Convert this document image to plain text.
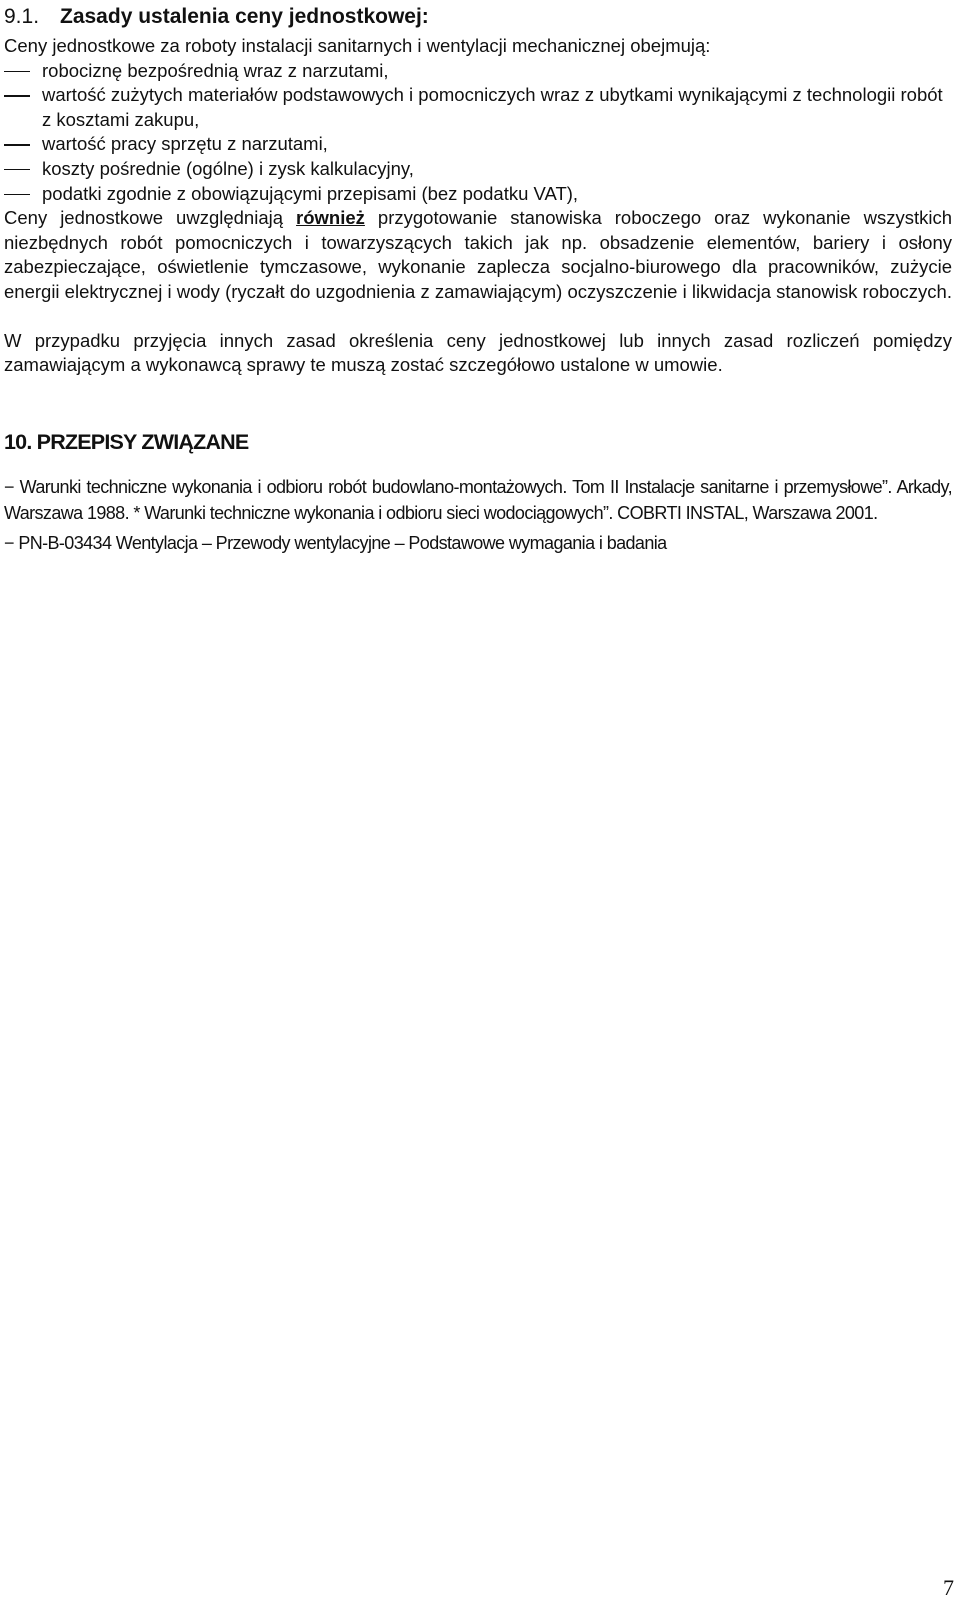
9.1. Zasady ustalenia ceny jednostkowej:

Ceny jednostkowe za roboty instalacji sanitarnych i wentylacji mechanicznej obejmują:

robociznę bezpośrednią wraz z narzutami,
wartość zużytych materiałów podstawowych i pomocniczych wraz z ubytkami wynikającymi z technologii robót z kosztami zakupu,
wartość pracy sprzętu z narzutami,
koszty pośrednie (ogólne) i zysk kalkulacyjny,
podatki zgodnie z obowiązującymi przepisami (bez podatku VAT),

Ceny jednostkowe uwzględniają również przygotowanie stanowiska roboczego oraz wykonanie wszystkich niezbędnych robót pomocniczych i towarzyszących takich jak np. obsadzenie elementów, bariery i osłony zabezpieczające, oświetlenie tymczasowe, wykonanie zaplecza socjalno-biurowego dla pracowników, zużycie energii elektrycznej i wody (ryczałt do uzgodnienia z zamawiającym) oczyszczenie i likwidacja stanowisk roboczych.

W przypadku przyjęcia innych zasad określenia ceny jednostkowej lub innych zasad rozliczeń pomiędzy zamawiającym a wykonawcą sprawy te muszą zostać szczegółowo ustalone w umowie.

10. PRZEPISY ZWIĄZANE

− Warunki techniczne wykonania i odbioru robót budowlano-montażowych. Tom II Instalacje sanitarne i przemysłowe”. Arkady, Warszawa 1988. * Warunki techniczne wykonania i odbioru sieci wodociągowych”. COBRTI INSTAL, Warszawa 2001.

− PN-B-03434 Wentylacja – Przewody wentylacyjne – Podstawowe wymagania i badania

7
